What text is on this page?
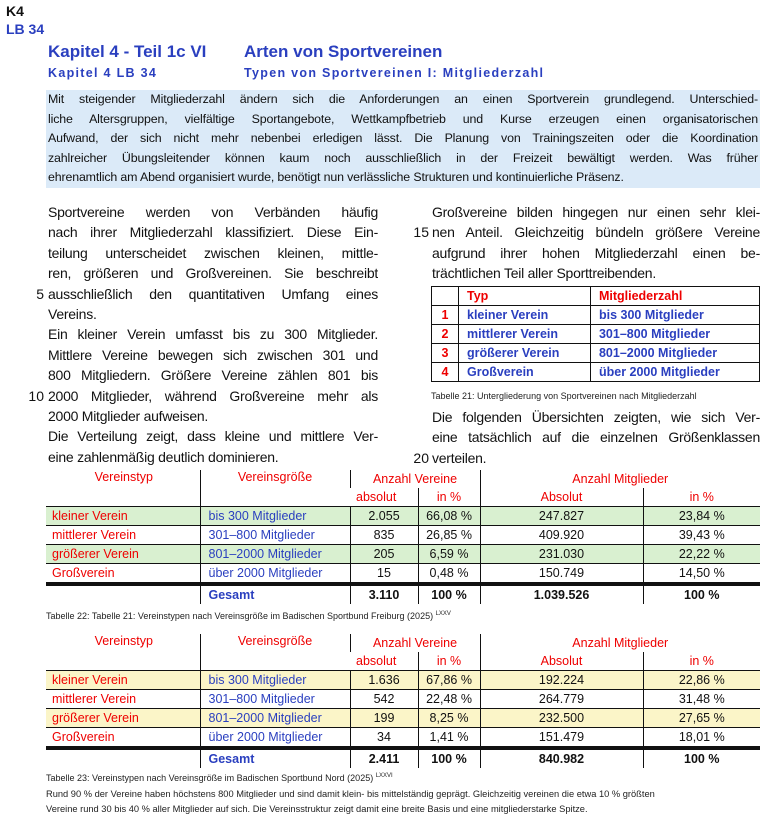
K4
LB 34
Kapitel 4 - Teil 1c VI Arten von Sportvereinen
Kapitel 4 LB 34	Typen von Sportvereinen I: Mitgliederzahl
Mit steigender Mitgliederzahl ändern sich die Anforderungen an einen Sportverein grundlegend. Unterschied-
liche Altersgruppen, vielfältige Sportangebote, Wettkampfbetrieb und Kurse erzeugen einen organisatorischen
Aufwand, der sich nicht mehr nebenbei erledigen lässt. Die Planung von Trainingszeiten oder die Koordination
zahlreicher Übungsleitender können kaum noch ausschließlich in der Freizeit bewältigt werden. Was früher
ehrenamtlich am Abend organisiert wurde, benötigt nun verlässliche Strukturen und kontinuierliche Präsenz.
Sportvereine werden von Verbänden häufig
nach ihrer Mitgliederzahl klassifiziert. Diese Ein-
teilung unterscheidet zwischen kleinen, mittle-
ren, größeren und Großvereinen. Sie beschreibt
ausschließlich den quantitativen Umfang eines
Vereins.
Ein kleiner Verein umfasst bis zu 300 Mitglieder.
Mittlere Vereine bewegen sich zwischen 301 und
800 Mitgliedern. Größere Vereine zählen 801 bis
2000 Mitglieder, während Großvereine mehr als
2000 Mitglieder aufweisen.
Die Verteilung zeigt, dass kleine und mittlere Ver-
eine zahlenmäßig deutlich dominieren.
Großvereine bilden hingegen nur einen sehr klei-
nen Anteil. Gleichzeitig bündeln größere Vereine
aufgrund ihrer hohen Mitgliederzahl einen be-
trächtlichen Teil aller Sporttreibenden.
Die folgenden Übersichten zeigten, wie sich Ver-
eine tatsächlich auf die einzelnen Größenklassen
verteilen.
5
10
15
20
	Typ	Mitgliederzahl
1	kleiner Verein	bis 300 Mitglieder
2	mittlerer Verein	301–800 Mitglieder
3	größerer Verein	801–2000 Mitglieder
4	Großverein	über 2000 Mitglieder
Tabelle 21: Untergliederung von Sportvereinen nach Mitgliederzahl
Vereinstyp	Vereinsgröße	Anzahl Vereine		Anzahl Mitglieder	
		absolut	in %	Absolut	in %
kleiner Verein	bis 300 Mitglieder	2.055	66,08 %	247.827	23,84 %
mittlerer Verein	301–800 Mitglieder	835	26,85 %	409.920	39,43 %
größerer Verein	801–2000 Mitglieder	205	6,59 %	231.030	22,22 %
Großverein	über 2000 Mitglieder	15	0,48 %	150.749	14,50 %
	Gesamt	3.110	100 %	1.039.526	100 %
Tabelle 22: Tabelle 21: Vereinstypen nach Vereinsgröße im Badischen Sportbund Freiburg (2025) $^{LXXV}$
Vereinstyp	Vereinsgröße	Anzahl Vereine		Anzahl Mitglieder	
		absolut	in %	Absolut	in %
kleiner Verein	bis 300 Mitglieder	1.636	67,86 %	192.224	22,86 %
mittlerer Verein	301–800 Mitglieder	542	22,48 %	264.779	31,48 %
größerer Verein	801–2000 Mitglieder	199	8,25 %	232.500	27,65 %
Großverein	über 2000 Mitglieder	34	1,41 %	151.479	18,01 %
	Gesamt	2.411	100 %	840.982	100 %
Tabelle 23: Vereinstypen nach Vereinsgröße im Badischen Sportbund Nord (2025) $^{LXXVI}$
Rund 90 % der Vereine haben höchstens 800 Mitglieder und sind damit klein- bis mittelständig geprägt. Gleichzeitig vereinen die etwa 10 % größten
Vereine rund 30 bis 40 % aller Mitglieder auf sich. Die Vereinsstruktur zeigt damit eine breite Basis und eine mitgliederstarke Spitze.
